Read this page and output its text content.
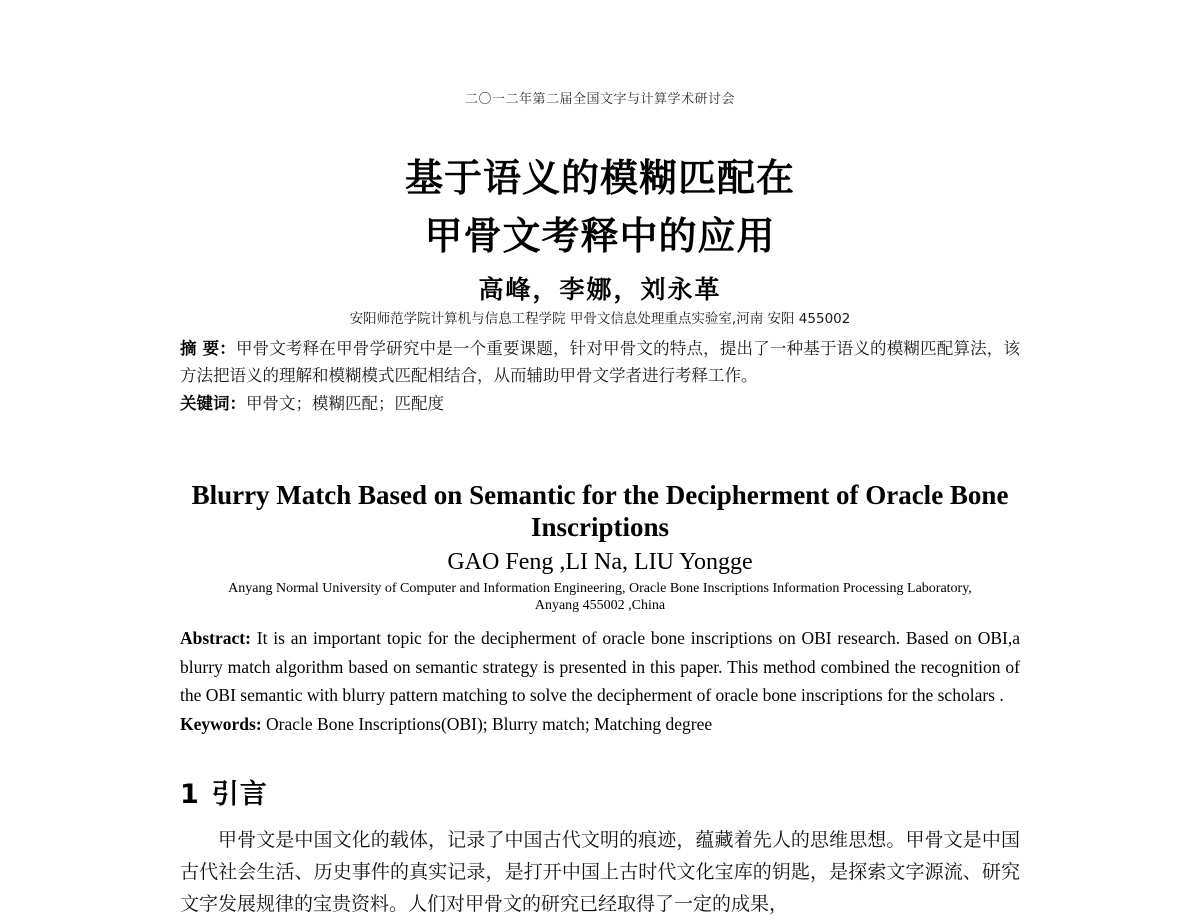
二〇一二年第二届全国文字与计算学术研讨会
基于语义的模糊匹配在
甲骨文考释中的应用
高峰，李娜，刘永革
安阳师范学院计算机与信息工程学院 甲骨文信息处理重点实验室,河南 安阳 455002
摘 要：甲骨文考释在甲骨学研究中是一个重要课题，针对甲骨文的特点，提出了一种基于语义的模糊匹配算法，该方法把语义的理解和模糊模式匹配相结合，从而辅助甲骨文学者进行考释工作。
关键词：甲骨文；模糊匹配；匹配度
Blurry Match Based on Semantic for the Decipherment of Oracle Bone Inscriptions
GAO Feng ,LI Na, LIU Yongge
Anyang Normal University of Computer and Information Engineering, Oracle Bone Inscriptions Information Processing Laboratory,
Anyang 455002 ,China
Abstract: It is an important topic for the decipherment of oracle bone inscriptions on OBI research. Based on OBI,a blurry match algorithm based on semantic strategy is presented in this paper. This method combined the recognition of the OBI semantic with blurry pattern matching to solve the decipherment of oracle bone inscriptions for the scholars .
Keywords: Oracle Bone Inscriptions(OBI); Blurry match; Matching degree
1 引言
甲骨文是中国文化的载体，记录了中国古代文明的痕迹，蕴藏着先人的思维思想。甲骨文是中国古代社会生活、历史事件的真实记录，是打开中国上古时代文化宝库的钥匙，是探索文字源流、研究文字发展规律的宝贵资料。人们对甲骨文的研究已经取得了一定的成果，
